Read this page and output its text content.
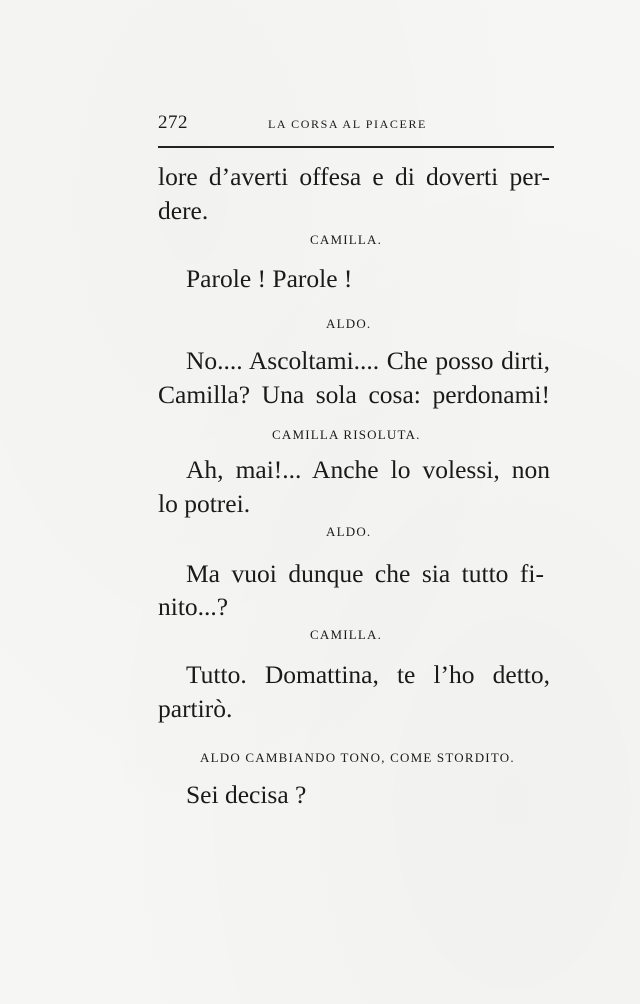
272	LA CORSA AL PIACERE
lore d’averti offesa e di doverti per-
dere.
CAMILLA.
Parole ! Parole !
ALDO.
No.... Ascoltami.... Che posso dirti,
Camilla? Una sola cosa: perdonami!
CAMILLA RISOLUTA.
Ah, mai!... Anche lo volessi, non
lo potrei.
ALDO.
Ma vuoi dunque che sia tutto fi-
nito...?
CAMILLA.
Tutto. Domattina, te l’ho detto,
partirò.
ALDO CAMBIANDO TONO, COME STORDITO.
Sei decisa ?
